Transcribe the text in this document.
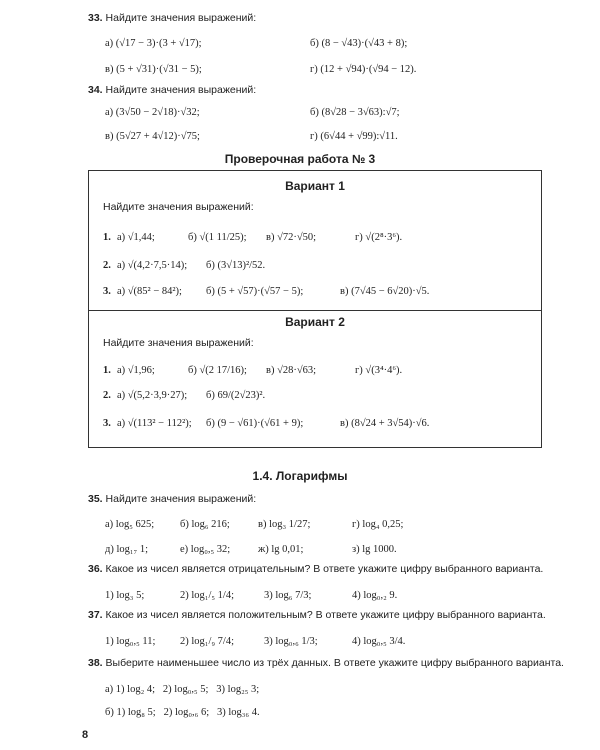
33. Найдите значения выражений:
а) (√17 − 3)·(3 + √17);	б) (8 − √43)·(√43 + 8);
в) (5 + √31)·(√31 − 5);	г) (12 + √94)·(√94 − 12).
34. Найдите значения выражений:
а) (3√50 − 2√18)·√32;	б) (8√28 − 3√63):√7;
в) (5√27 + 4√12)·√75;	г) (6√44 + √99):√11.
Проверочная работа № 3
Вариант 1
Найдите значения выражений:
1. а) √1,44;	б) √(1 11/25); в) √72·√50;	г) √(2⁸·3⁶).
2. а) √(4,2·7,5·14); б) (3√13)²/52.
3. а) √(85² − 84²); б) (5 + √57)·(√57 − 5);	в) (7√45 − 6√20)·√5.
Вариант 2
Найдите значения выражений:
1. а) √1,96;	б) √(2 17/16); в) √28·√63;	г) √(3⁴·4⁶).
2. а) √(5,2·3,9·27); б) 69/(2√23)².
3. а) √(113² − 112²); б) (9 − √61)·(√61 + 9);	в) (8√24 + 3√54)·√6.
1.4. Логарифмы
35. Найдите значения выражений:
а) log₅ 625; б) log₆ 216;	в) log₃ 1/27;	г) log₄ 0,25;
д) log₁₇ 1;	е) log₀,₅ 32;	ж) lg 0,01;	з) lg 1000.
36. Какое из чисел является отрицательным? В ответе укажите цифру выбранного варианта.
1) log₃ 5;	2) log₁/₅ 1/4;	3) log₆ 7/3;	4) log₀,₂ 9.
37. Какое из чисел является положительным? В ответе укажите цифру выбранного варианта.
1) log₀,₅ 11; 2) log₁/₉ 7/4;	3) log₀,₆ 1/3;	4) log₀,₅ 3/4.
38. Выберите наименьшее число из трёх данных. В ответе укажите цифру выбранного варианта.
а) 1) log₂ 4;   2) log₀,₅ 5;   3) log₂₅ 3;
б) 1) log₈ 5;   2) log₀,₆ 6;   3) log₃₆ 4.
8
